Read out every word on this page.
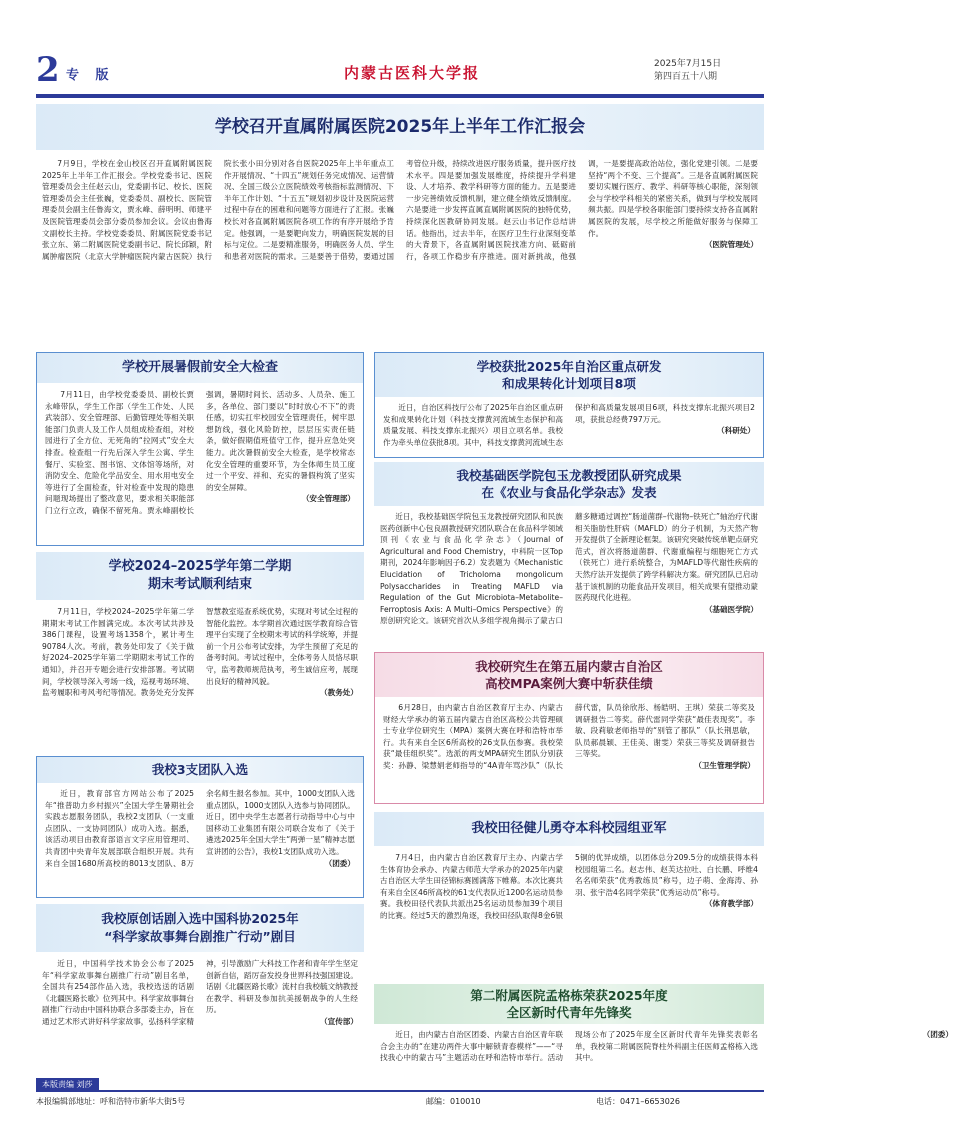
2 专 版	内蒙古医科大学报	2025年7月15日
第四百五十八期
学校召开直属附属医院2025年上半年工作汇报会

7月9日，学校在金山校区召开直属附属医院2025年上半年工作汇报会。学校党委书记、医院管理委员会主任赵云山，党委副书记、校长、医院管理委员会主任张巍，党委委员、副校长、医院管理委员会副主任鲁海文，贾永峰、薛明明、师建平及医院管理委员会部分委员参加会议。会议由鲁海文副校长主持。学校党委委员、附属医院党委书记张立东、第二附属医院党委副书记、院长邱颖，附属肿瘤医院（北京大学肿瘤医院内蒙古医院）执行院长张小田分别对各自医院2025年上半年重点工作开展情况、“十四五”规划任务完成情况、运营情况、全国三级公立医院绩效考核指标监测情况、下半年工作计划、“十五五”规划初步设计及医院运营过程中存在的困难和问题等方面进行了汇报。张巍校长对各直属附属医院各项工作的有序开展给予肯定。他强调，一是要靶向发力，明确医院发展的目标与定位。二是要精准服务，明确医务人员、学生和患者对医院的需求。三是要善于借势，要通过国考管位升级，持续改进医疗服务质量，提升医疗技术水平。四是要加强发展维度，持续提升学科建设、人才培养、教学科研等方面的能力。五是要进一步完善绩效反馈机制，建立健全绩效反馈制度。六是要进一步发挥直属直属附属医院的独特优势，持续深化医教研协同发展。赵云山书记作总结讲话。他指出，过去半年，在医疗卫生行业深刻变革的大背景下，各直属附属医院找准方向、砥砺前行，各项工作稳步有序推进。面对新挑战，他强调，一是要提高政治站位，强化党建引领。二是要坚持“两个不变、三个提高”。三是各直属附属医院要切实履行医疗、教学、科研等核心职能，深刻领会与学校学科相关的紧密关系，做到与学校发展同频共振。四是学校各职能部门要持续支持各直属附属医院的发展，尽学校之所能做好服务与保障工作。
（医院管理处）

学校开展暑假前安全大检查

7月11日，由学校党委委员、副校长贾永峰带队，学生工作部（学生工作处、人民武装部）、安全管理部、后勤管理处等相关职能部门负责人及工作人员组成检查组，对校园进行了全方位、无死角的“拉网式”安全大排查。检查组一行先后深入学生公寓、学生餐厅、实验室、图书馆、文体馆等场所，对消防安全、危险化学品安全、用水用电安全等进行了全面检查，针对检查中发现的隐患问题现场提出了整改意见，要求相关职能部门立行立改，确保不留死角。贾永峰副校长强调，暑期时间长、活动多、人员杂、施工多，各单位、部门要以“时时放心不下”的责任感，切实扛牢校园安全管理责任，树牢思想防线，强化风险防控，层层压实责任链条，做好假期值班值守工作，提升应急处突能力。此次暑假前安全大检查，是学校常态化安全管理的重要环节，为全体师生员工度过一个平安、祥和、充实的暑假构筑了坚实的安全屏障。
（安全管理部）

学校获批2025年自治区重点研发
和成果转化计划项目8项

近日，自治区科技厅公布了2025年自治区重点研发和成果转化计划（科技支撑黄河流域生态保护和高质量发展、科技支撑东北振兴）项目立项名单。我校作为牵头单位获批8项。其中，科技支撑黄河流域生态保护和高质量发展项目6项，科技支撑东北振兴项目2项，获批总经费797万元。
（科研处）

我校基础医学院包玉龙教授团队研究成果
在《农业与食品化学杂志》发表

近日，我校基础医学院包玉龙教授研究团队和民族医药创新中心包良副教授研究团队联合在食品科学领域顶刊《农业与食品化学杂志》（Journal of Agricultural and Food Chemistry，中科院一区Top期刊，2024年影响因子6.2）发表题为《Mechanistic Elucidation of Tricholoma mongolicum Polysaccharides in Treating MAFLD via Regulation of the Gut Microbiota–Metabolite–Ferroptosis Axis: A Multi–Omics Perspective》的原创研究论文。该研究首次从多组学视角揭示了蒙古口蘑多糖通过调控“肠道菌群–代谢物–铁死亡”轴治疗代谢相关脂肪性肝病（MAFLD）的分子机制，为天然产物开发提供了全新理论框架。该研究突破传统单靶点研究范式，首次将肠道菌群、代谢重编程与细胞死亡方式（铁死亡）进行系统整合，为MAFLD等代谢性疾病的天然疗法开发提供了跨学科解决方案。研究团队已启动基于该机制的功能食品开发项目，相关成果有望推动蒙医药现代化进程。
（基础医学院）

学校2024–2025学年第二学期
期末考试顺利结束

7月11日，学校2024–2025学年第二学期期末考试工作圆满完成。本次考试共涉及386门课程，设置考场1358个，累计考生90784人次。考前，教务处印发了《关于做好2024–2025学年第二学期期末考试工作的通知》，并召开专题会进行安排部署。考试期间，学校领导深入考场一线，巡视考场环境、监考履职和考风考纪等情况。教务处充分发挥智慧教室巡查系统优势，实现对考试全过程的智能化监控。本学期首次通过医学教育综合管理平台实现了全校期末考试的科学统筹，并提前一个月公布考试安排，为学生预留了充足的备考时间。考试过程中，全体考务人员恪尽职守，监考教师规范执考，考生诚信应考，展现出良好的精神风貌。
（教务处）

我校研究生在第五届内蒙古自治区
高校MPA案例大赛中斩获佳绩

6月28日，由内蒙古自治区教育厅主办、内蒙古财经大学承办的第五届内蒙古自治区高校公共管理硕士专业学位研究生（MPA）案例大赛在呼和浩特市举行。共有来自全区6所高校的26支队伍参赛。我校荣获“最佳组织奖”。选派的两支MPA研究生团队分别获奖：孙静、梁慧娟老师指导的“4A青年骂沙队”（队长薛代雷，队员徐欣彤、杨皓明、王琪）荣获二等奖及调研报告二等奖。薛代雷同学荣获“最佳表现奖”。李敏、段莉敏老师指导的“别管了都队”（队长荆思敏，队员郝晨颖、王佳美、谢雯）荣获三等奖及调研报告三等奖。
（卫生管理学院）

我校3支团队入选

近日，教育部官方网站公布了2025年“推普助力乡村振兴”全国大学生暑期社会实践志愿服务团队，我校2支团队（一支重点团队、一支协同团队）成功入选。据悉，该活动项目由教育部语言文字应用管理司、共青团中央青年发展部联合组织开展。共有来自全国1680所高校的8013支团队、8万余名师生报名参加。其中，1000支团队入选重点团队，1000支团队入选参与协同团队。近日，团中央学生志愿者行动指导中心与中国移动工业集团有限公司联合发布了《关于遴选2025年全国大学生“两弹一星”精神志愿宣讲团的公告》，我校1支团队成功入选。
（团委）

我校田径健儿勇夺本科校园组亚军

7月4日，由内蒙古自治区教育厅主办、内蒙古学生体育协会承办、内蒙古师范大学承办的2025年内蒙古自治区大学生田径锦标赛圆满落下帷幕。本次比赛共有来自全区46所高校的61支代表队近1200名运动员参赛。我校田径代表队共派出25名运动员参加39个项目的比赛。经过5天的激烈角逐，我校田径队取得8金6银5铜的优异成绩，以团体总分209.5分的成绩获得本科校园组第二名。赵志伟、赵芙达拉吐、白长鹏、呼维4名名师荣获“优秀教练员”称号，边子萌、金海涛、孙羽、张宇浩4名同学荣获“优秀运动员”称号。
（体育教学部）

我校原创话剧入选中国科协2025年
“科学家故事舞台剧推广行动”剧目

近日，中国科学技术协会公布了2025年“科学家故事舞台剧推广行动”剧目名单，全国共有254部作品入选，我校选送的话剧《北疆医路长歌》位列其中。科学家故事舞台剧推广行动由中国科协联合多部委主办，旨在通过艺术形式讲好科学家故事，弘扬科学家精神，引导激励广大科技工作者和青年学生坚定创新自信，蹈厉奋发投身世界科技强国建设。话剧《北疆医路长歌》流村自我校毓文纳教授在教学、科研及参加抗美援朝战争的人生经历。
（宣传部）

第二附属医院孟格栋荣获2025年度
全区新时代青年先锋奖

近日，由内蒙古自治区团委、内蒙古自治区青年联合会主办的“在建功两件大事中解锁青春模样”——“寻找我心中的蒙古马”主题活动在呼和浩特市举行。活动现场公布了2025年度全区新时代青年先锋奖表彰名单，我校第二附属医院脊柱外科副主任医师孟格栋入选其中。
（团委）

本版责编 刘莎
本报编辑部地址：呼和浩特市新华大街5号	邮编：010010	电话：0471–6653026
